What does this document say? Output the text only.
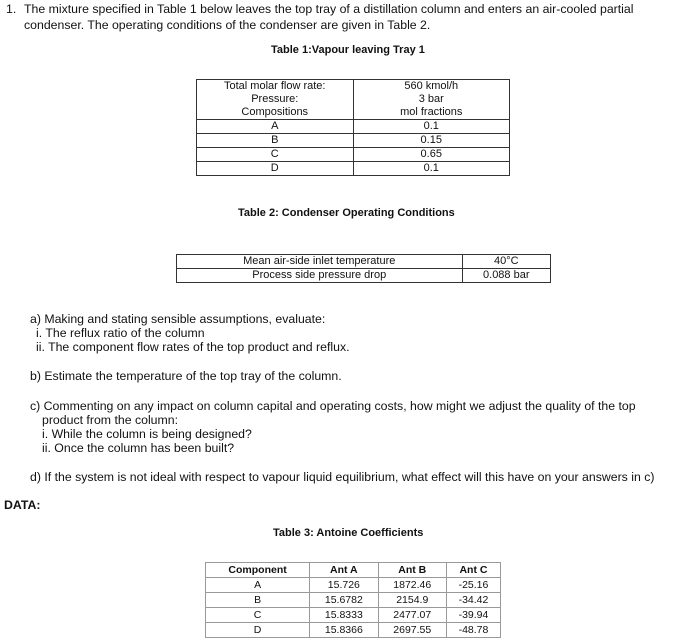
1. The mixture specified in Table 1 below leaves the top tray of a distillation column and enters an air-cooled partial
condenser. The operating conditions of the condenser are given in Table 2.
Table 1:Vapour leaving Tray 1
Total molar flow rate:	560 kmol/h
Pressure:	3 bar
Compositions	mol fractions
A	0.1
B	0.15
C	0.65
D	0.1
Table 2: Condenser Operating Conditions
Mean air-side inlet temperature	40°C
Process side pressure drop	0.088 bar
a) Making and stating sensible assumptions, evaluate:
i. The reflux ratio of the column
ii. The component flow rates of the top product and reflux.
b) Estimate the temperature of the top tray of the column.
c) Commenting on any impact on column capital and operating costs, how might we adjust the quality of the top
product from the column:
i. While the column is being designed?
ii. Once the column has been built?
d) If the system is not ideal with respect to vapour liquid equilibrium, what effect will this have on your answers in c)
DATA:
Table 3: Antoine Coefficients
Component	Ant A	Ant B	Ant C
A	15.726	1872.46	-25.16
B	15.6782	2154.9	-34.42
C	15.8333	2477.07	-39.94
D	15.8366	2697.55	-48.78
